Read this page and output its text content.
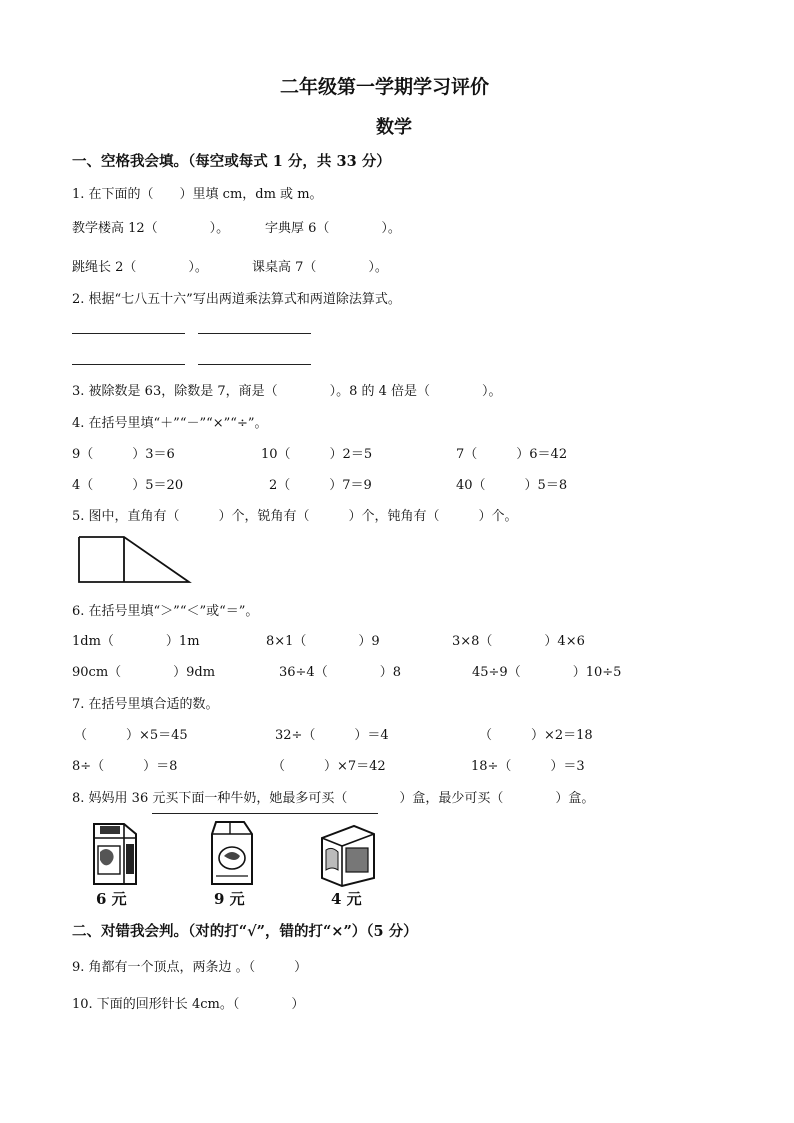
二年级第一学期学习评价
数学
一、空格我会填。（每空或每式 1 分，共 33 分）
1. 在下面的（　　）里填 cm，dm 或 m。
教学楼高 12（　　　　）。	字典厚 6（　　　　）。
跳绳长 2（　　　　）。	课桌高 7（　　　　）。
2. 根据“七八五十六”写出两道乘法算式和两道除法算式。
3. 被除数是 63，除数是 7，商是（　　　　）。8 的 4 倍是（　　　　）。
4. 在括号里填“＋”“－”“×”“÷”。
9（　　　）3＝6	10（　　　）2＝5	7（　　　）6＝42
4（　　　）5＝20	2（　　　）7＝9	40（　　　）5＝8
5. 图中，直角有（　　　）个，锐角有（　　　）个，钝角有（　　　）个。
6. 在括号里填“＞”“＜”或“＝”。
1dm（　　　　）1m	8×1（　　　　）9	3×8（　　　　）4×6
90cm（　　　　）9dm	36÷4（　　　　）8	45÷9（　　　　）10÷5
7. 在括号里填合适的数。
（　　　）×5＝45	32÷（　　　）＝4	（　　　）×2＝18
8÷（　　　）＝8	（　　　）×7＝42	18÷（　　　）＝3
8. 妈妈用 36 元买下面一种牛奶，她最多可买（　　　　）盒，最少可买（　　　　）盒。
6 元	9 元	4 元
二、对错我会判。（对的打“√”，错的打“×”）（5 分）
9. 角都有一个顶点，两条边 。（　　　）
10. 下面的回形针长 4cm。（　　　　）
